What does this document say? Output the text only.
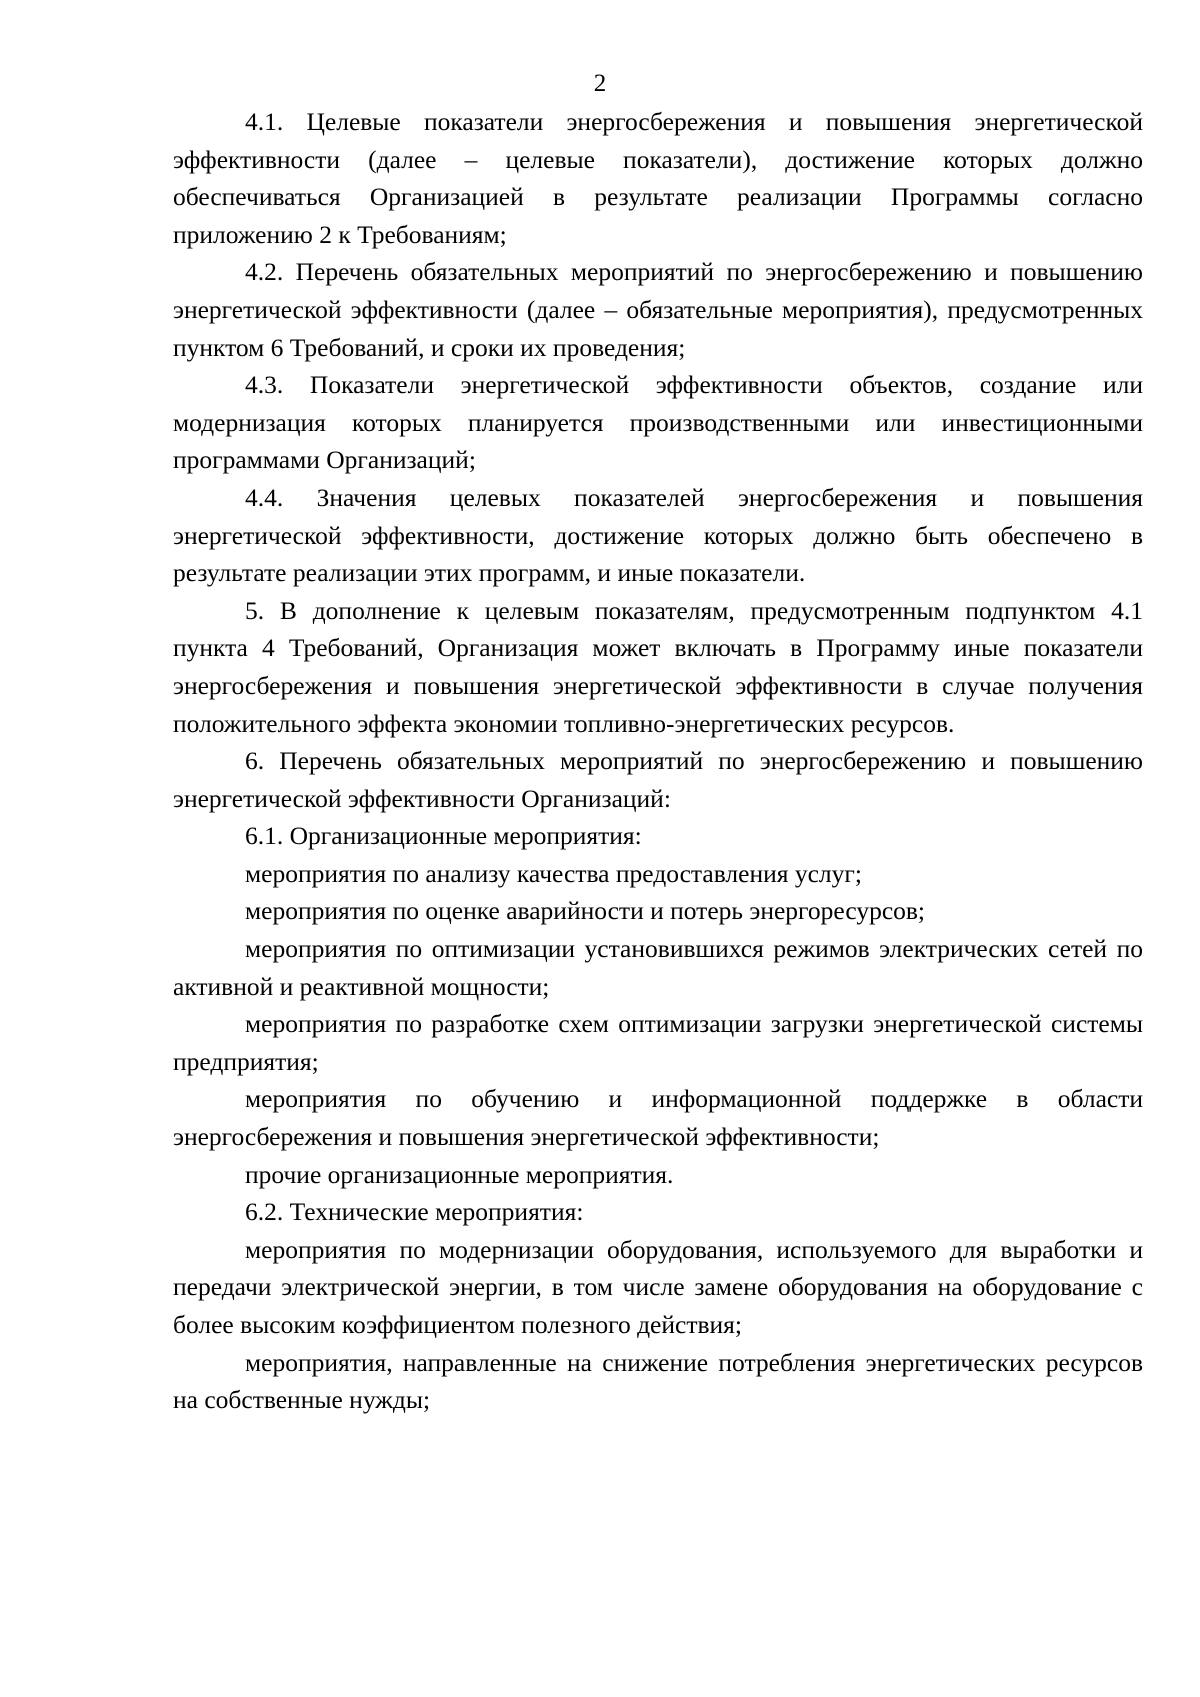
2

4.1. Целевые показатели энергосбережения и повышения энергетической эффективности (далее – целевые показатели), достижение которых должно обеспечиваться Организацией в результате реализации Программы согласно приложению 2 к Требованиям;

4.2. Перечень обязательных мероприятий по энергосбережению и повышению энергетической эффективности (далее – обязательные мероприятия), предусмотренных пунктом 6 Требований, и сроки их проведения;

4.3. Показатели энергетической эффективности объектов, создание или модернизация которых планируется производственными или инвестиционными программами Организаций;

4.4. Значения целевых показателей энергосбережения и повышения энергетической эффективности, достижение которых должно быть обеспечено в результате реализации этих программ, и иные показатели.

5. В дополнение к целевым показателям, предусмотренным подпунктом 4.1 пункта 4 Требований, Организация может включать в Программу иные показатели энергосбережения и повышения энергетической эффективности в случае получения положительного эффекта экономии топливно-энергетических ресурсов.

6. Перечень обязательных мероприятий по энергосбережению и повышению энергетической эффективности Организаций:

6.1. Организационные мероприятия:

мероприятия по анализу качества предоставления услуг;

мероприятия по оценке аварийности и потерь энергоресурсов;

мероприятия по оптимизации установившихся режимов электрических сетей по активной и реактивной мощности;

мероприятия по разработке схем оптимизации загрузки энергетической системы предприятия;

мероприятия по обучению и информационной поддержке в области энергосбережения и повышения энергетической эффективности;

прочие организационные мероприятия.

6.2. Технические мероприятия:

мероприятия по модернизации оборудования, используемого для выработки и передачи электрической энергии, в том числе замене оборудования на оборудование с более высоким коэффициентом полезного действия;

мероприятия, направленные на снижение потребления энергетических ресурсов на собственные нужды;
